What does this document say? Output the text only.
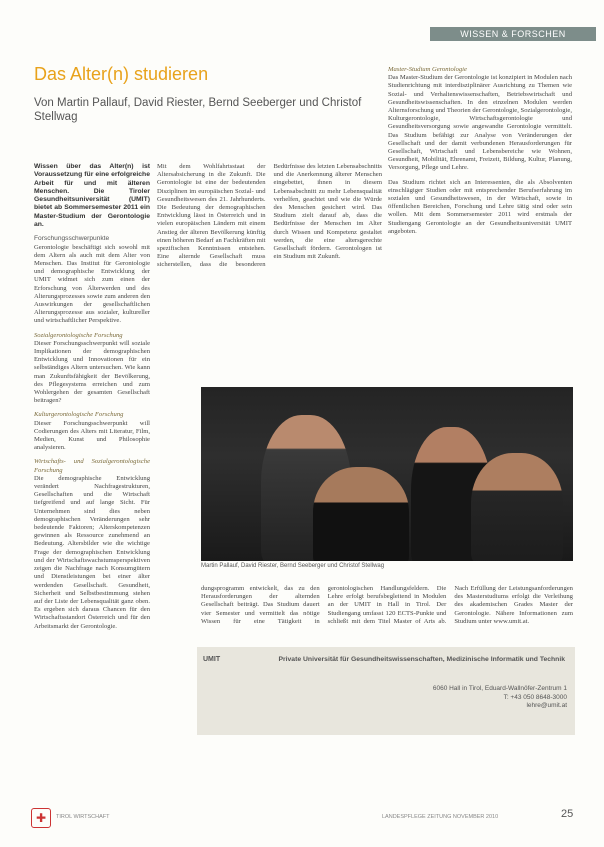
WISSEN & FORSCHEN
Das Alter(n) studieren
Von Martin Pallauf, David Riester, Bernd Seeberger und Christof Stellwag

Wissen über das Alter(n) ist Voraussetzung für eine erfolgreiche Arbeit für und mit älteren Menschen. Die Tiroler Gesundheitsuniversität (UMIT) bietet ab Sommersemester 2011 ein Master-Studium der Gerontologie an.

Forschungsschwerpunkte

Gerontologie beschäftigt sich sowohl mit dem Altern als auch mit dem Alter von Menschen. Das Institut für Gerontologie und demographische Entwicklung der UMIT widmet sich zum einen der Erforschung von Älterwerden und des Alterungsprozesses sowie zum anderen den Auswirkungen der gesellschaftlichen Alterungsprozesse aus sozialer, kultureller und wirtschaftlicher Perspektive.

Sozialgerontologische Forschung

Dieser Forschungsschwerpunkt will soziale Implikationen der demographischen Entwicklung und Innovationen für ein selbständiges Altern untersuchen. Wie kann man Zukunftsfähigkeit der Bevölkerung, des Pflegesystems erreichen und zum Wohlergehen der gesamten Gesellschaft beitragen?

Kulturgerontologische Forschung

Dieser Forschungsschwerpunkt will Codierungen des Alters mit Literatur, Film, Medien, Kunst und Philosophie analysieren.

Wirtschafts- und Sozialgerontologische Forschung

Die demographische Entwicklung verändert Nachfragestrukturen, Gesellschaften und die Wirtschaft tiefgreifend und auf lange Sicht. Für Unternehmen sind dies neben demographischen Veränderungen sehr bedeutende Faktoren; Alterskompetenzen gewinnen als Ressource zunehmend an Bedeutung. Altersbilder wie die wichtige Frage der demographischen Entwicklung und der Wirtschaftswachstumsperspektiven zeigen die Nachfrage nach Konsumgütern und Dienstleistungen bei einer älter werdenden Gesellschaft. Gesundheit, Sicherheit und Selbstbestimmung stehen auf der Liste der Lebensqualität ganz oben. Es ergeben sich daraus Chancen für den Wirtschaftsstandort Österreich und für den Arbeitsmarkt der Gerontologie.

Mit dem Wohlfahrtsstaat der Altersabsicherung in die Zukunft. Die Gerontologie ist eine der bedeutenden Disziplinen im europäischen Sozial- und Gesundheitswesen des 21. Jahrhunderts. Die Bedeutung der demographischen Entwicklung lässt in Österreich und in vielen europäischen Ländern mit einem Anstieg der älteren Bevölkerung künftig einen höheren Bedarf an Fachkräften mit spezifischen Kenntnissen entstehen. Eine alternde Gesellschaft muss sicherstellen, dass die besonderen Bedürfnisse des letzten Lebensabschnitts und die Anerkennung älterer Menschen eingebettet, ihnen in diesem Lebensabschnitt zu mehr Lebensqualität verhelfen, geachtet und wie die Würde des Menschen gesichert wird. Das Studium zielt darauf ab, dass die Bedürfnisse der Menschen im Alter durch Wissen und Kompetenz gestaltet werden, die eine altersgerechte Gesellschaft fördern. Gerontologen ist ein Studium mit Zukunft.

Master-Studium Gerontologie

Das Master-Studium der Gerontologie ist konzipiert in Modulen nach Studienrichtung mit interdisziplinärer Ausrichtung zu Themen wie Sozial- und Verhaltenswissenschaften, Betriebswirtschaft und Gesundheitswissenschaften. In den einzelnen Modulen werden Alternsforschung und Theorien der Gerontologie, Sozialgerontologie, Kulturgerontologie, Wirtschaftsgerontologie und Gesundheitsversorgung sowie angewandte Gerontologie vermittelt. Das Studium befähigt zur Analyse von Veränderungen der Gesellschaft und der damit verbundenen Herausforderungen für Gesellschaft, Wirtschaft und Lebensbereiche wie Wohnen, Gesundheit, Mobilität, Ehrenamt, Freizeit, Bildung, Kultur, Planung, Versorgung, Pflege und Lehre.

Das Studium richtet sich an Interessenten, die als Absolventen einschlägiger Studien oder mit entsprechender Berufserfahrung im sozialen und Gesundheitswesen, in der Wirtschaft, sowie in öffentlichen Bereichen, Forschung und Lehre tätig sind oder sein wollen. Mit dem Sommersemester 2011 wird erstmals der Studiengang Gerontologie an der Gesundheitsuniversität UMIT angeboten.

Martin Pallauf, David Riester, Bernd Seeberger und Christof Stellwag

dungsprogramm entwickelt, das zu den Herausforderungen der alternden Gesellschaft beiträgt. Das Studium dauert vier Semester und vermittelt das nötige Wissen für eine Tätigkeit in gerontologischen Handlungsfeldern. Die Lehre erfolgt berufsbegleitend in Modulen an der UMIT in Hall in Tirol. Der Studiengang umfasst 120 ECTS-Punkte und schließt mit dem Titel Master of Arts ab. Nach Erfüllung der Leistungsanforderungen des Masterstudiums erfolgt die Verleihung des akademischen Grades Master der Gerontologie. Nähere Informationen zum Studium unter www.umit.at.

UMIT	Private Universität für Gesundheitswissenschaften, Medizinische Informatik und Technik
6060 Hall in Tirol, Eduard-Wallnöfer-Zentrum 1
T: +43 050 8648-3000
lehre@umit.at
✚	TIROL WIRTSCHAFT	LANDESPFLEGE ZEITUNG NOVEMBER 2010	25
